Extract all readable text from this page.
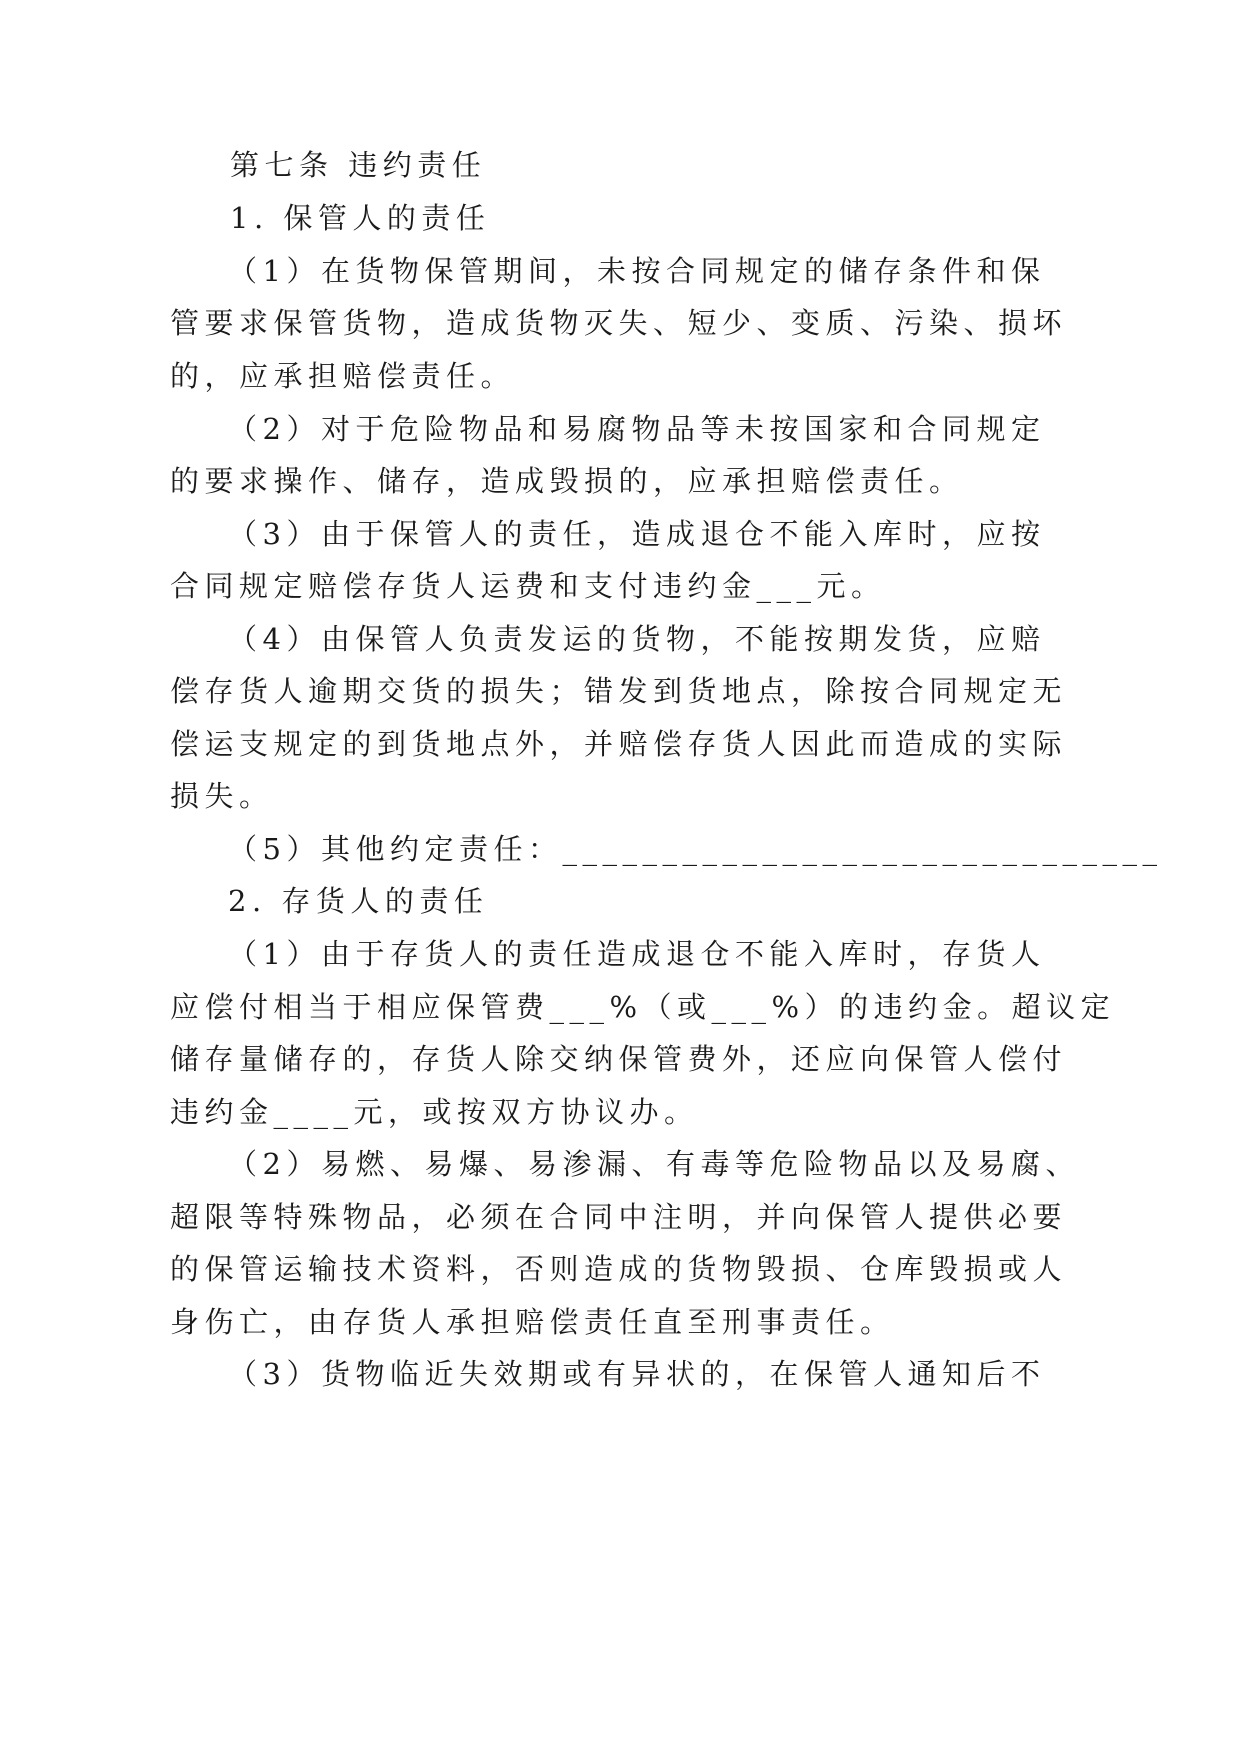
第七条 违约责任
1. 保管人的责任
（1）在货物保管期间，未按合同规定的储存条件和保
管要求保管货物，造成货物灭失、短少、变质、污染、损坏
的，应承担赔偿责任。
（2）对于危险物品和易腐物品等未按国家和合同规定
的要求操作、储存，造成毁损的，应承担赔偿责任。
（3）由于保管人的责任，造成退仓不能入库时，应按
合同规定赔偿存货人运费和支付违约金___元。
（4）由保管人负责发运的货物，不能按期发货，应赔
偿存货人逾期交货的损失；错发到货地点，除按合同规定无
偿运支规定的到货地点外，并赔偿存货人因此而造成的实际
损失。
（5）其他约定责任：______________________________
2. 存货人的责任
（1）由于存货人的责任造成退仓不能入库时，存货人
应偿付相当于相应保管费___%（或___%）的违约金。超议定
储存量储存的，存货人除交纳保管费外，还应向保管人偿付
违约金____元，或按双方协议办。
（2）易燃、易爆、易渗漏、有毒等危险物品以及易腐、
超限等特殊物品，必须在合同中注明，并向保管人提供必要
的保管运输技术资料，否则造成的货物毁损、仓库毁损或人
身伤亡，由存货人承担赔偿责任直至刑事责任。
（3）货物临近失效期或有异状的，在保管人通知后不
